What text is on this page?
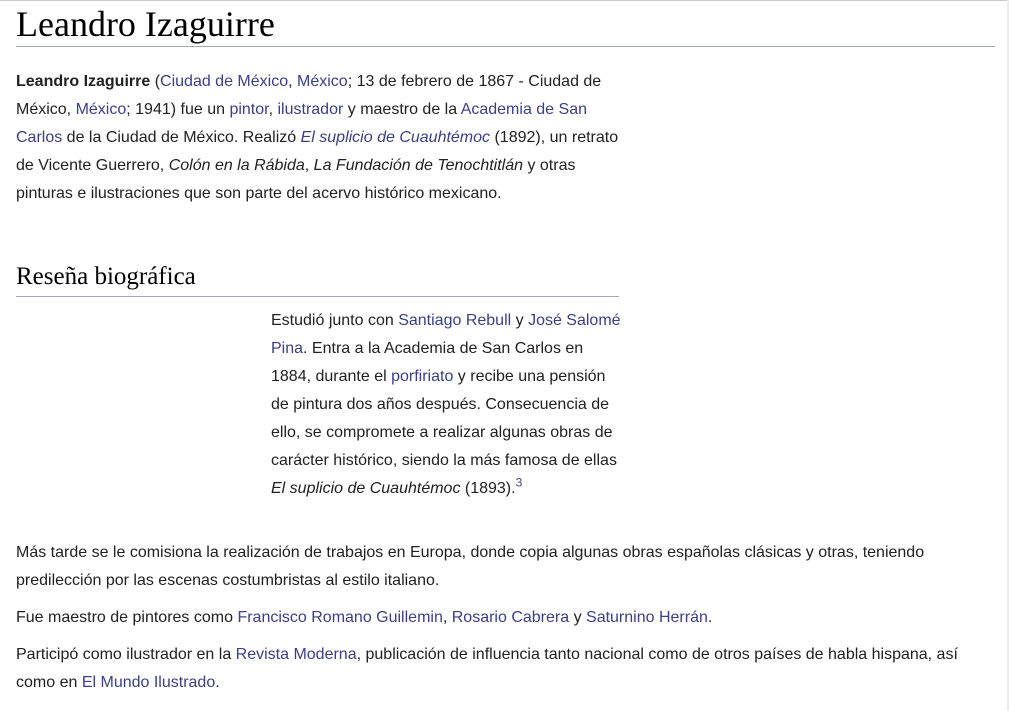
Leandro Izaguirre

Leandro Izaguirre (Ciudad de México, México; 13 de febrero de 1867 - Ciudad de México, México; 1941) fue un pintor, ilustrador y maestro de la Academia de San Carlos de la Ciudad de México. Realizó El suplicio de Cuauhtémoc (1892), un retrato de Vicente Guerrero, Colón en la Rábida, La Fundación de Tenochtitlán y otras pinturas e ilustraciones que son parte del acervo histórico mexicano.

Reseña biográfica

Estudió junto con Santiago Rebull y José Salomé Pina. Entra a la Academia de San Carlos en 1884, durante el porfiriato y recibe una pensión de pintura dos años después. Consecuencia de ello, se compromete a realizar algunas obras de carácter histórico, siendo la más famosa de ellas El suplicio de Cuauhtémoc (1893).$^3$

Más tarde se le comisiona la realización de trabajos en Europa, donde copia algunas obras españolas clásicas y otras, teniendo predilección por las escenas costumbristas al estilo italiano.

Fue maestro de pintores como Francisco Romano Guillemin, Rosario Cabrera y Saturnino Herrán.

Participó como ilustrador en la Revista Moderna, publicación de influencia tanto nacional como de otros países de habla hispana, así como en El Mundo Ilustrado.
